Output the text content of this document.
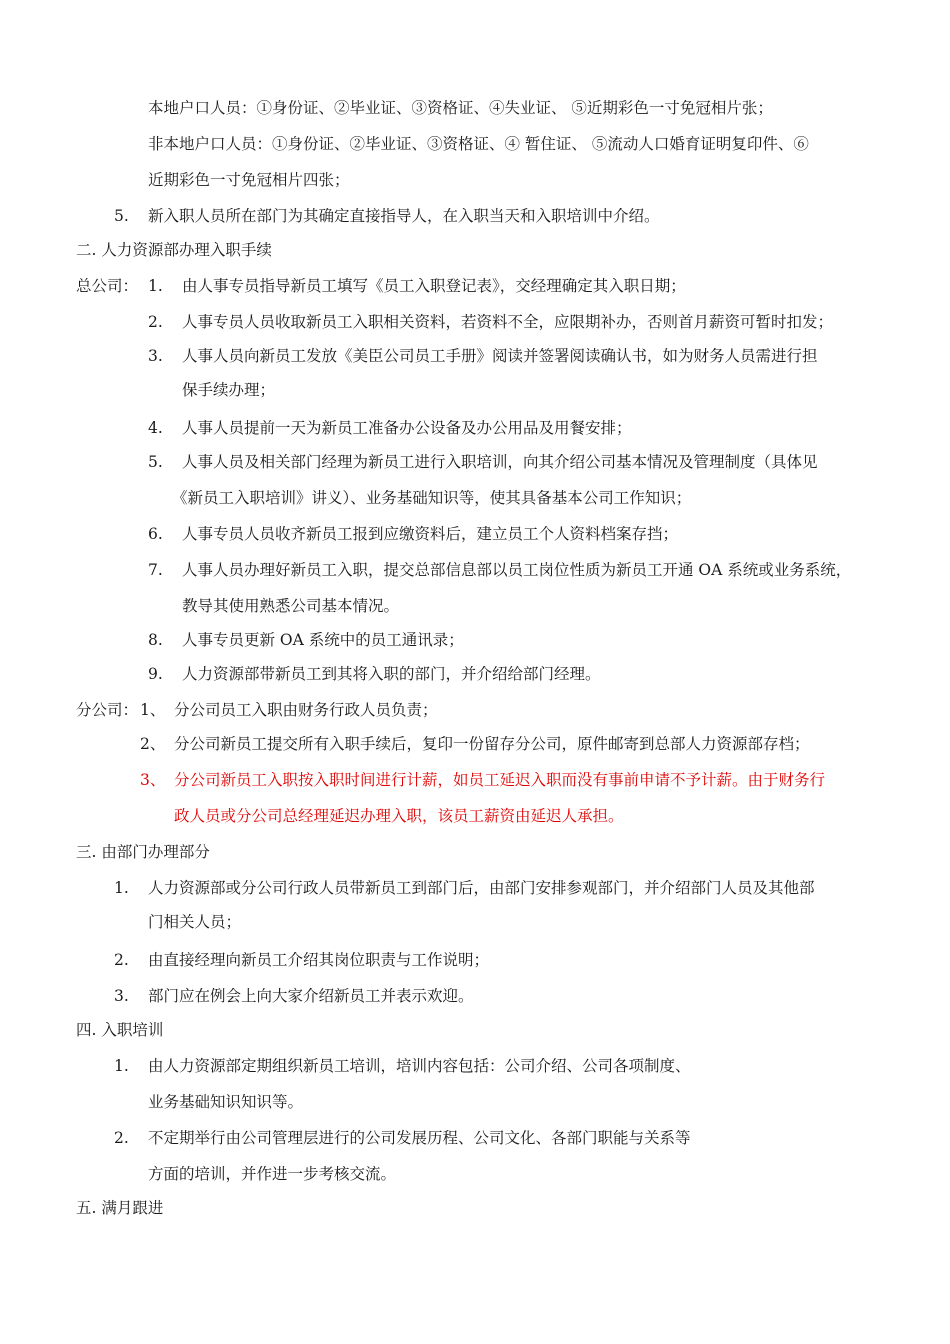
本地户口人员：①身份证、②毕业证、③资格证、④失业证、 ⑤近期彩色一寸免冠相片张；
非本地户口人员：①身份证、②毕业证、③资格证、④ 暂住证、 ⑤流动人口婚育证明复印件、⑥
近期彩色一寸免冠相片四张；
5. 新入职人员所在部门为其确定直接指导人，在入职当天和入职培训中介绍。
二. 人力资源部办理入职手续
总公司： 1. 由人事专员指导新员工填写《员工入职登记表》，交经理确定其入职日期；
2. 人事专员人员收取新员工入职相关资料，若资料不全，应限期补办，否则首月薪资可暂时扣发；
3. 人事人员向新员工发放《美臣公司员工手册》阅读并签署阅读确认书，如为财务人员需进行担
保手续办理；
4. 人事人员提前一天为新员工准备办公设备及办公用品及用餐安排；
5. 人事人员及相关部门经理为新员工进行入职培训，向其介绍公司基本情况及管理制度（具体见
《新员工入职培训》讲义）、业务基础知识等，使其具备基本公司工作知识；
6. 人事专员人员收齐新员工报到应缴资料后，建立员工个人资料档案存挡；
7. 人事人员办理好新员工入职，提交总部信息部以员工岗位性质为新员工开通 OA 系统或业务系统，
教导其使用熟悉公司基本情况。
8. 人事专员更新 OA 系统中的员工通讯录；
9. 人力资源部带新员工到其将入职的部门，并介绍给部门经理。
分公司： 1、 分公司员工入职由财务行政人员负责；
2、 分公司新员工提交所有入职手续后，复印一份留存分公司，原件邮寄到总部人力资源部存档；
3、 分公司新员工入职按入职时间进行计薪，如员工延迟入职而没有事前申请不予计薪。由于财务行
政人员或分公司总经理延迟办理入职，该员工薪资由延迟人承担。
三. 由部门办理部分
1. 人力资源部或分公司行政人员带新员工到部门后，由部门安排参观部门，并介绍部门人员及其他部
门相关人员；
2. 由直接经理向新员工介绍其岗位职责与工作说明；
3. 部门应在例会上向大家介绍新员工并表示欢迎。
四. 入职培训
1. 由人力资源部定期组织新员工培训，培训内容包括：公司介绍、公司各项制度、
业务基础知识知识等。
2. 不定期举行由公司管理层进行的公司发展历程、公司文化、各部门职能与关系等
方面的培训，并作进一步考核交流。
五. 满月跟进
